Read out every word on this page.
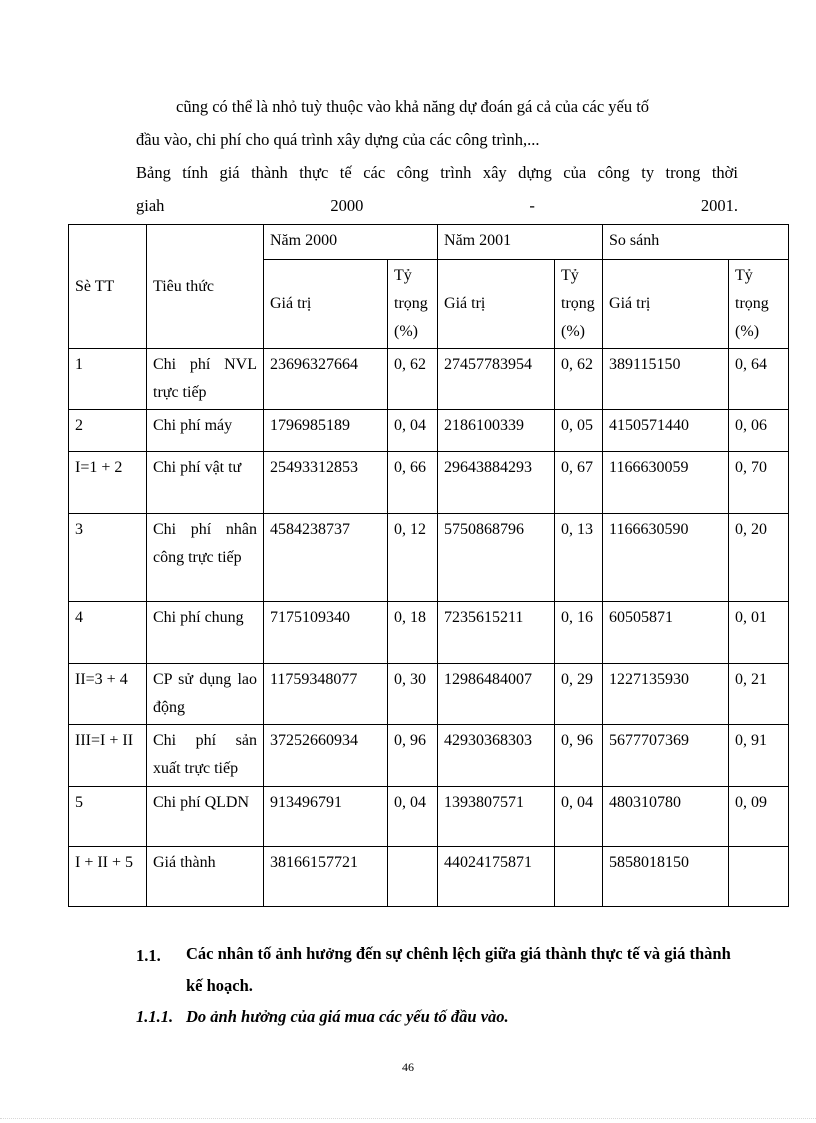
cũng có thể là nhỏ tuỳ thuộc vào khả năng dự đoán gá cả của các yếu tố
đầu vào, chi phí cho quá trình xây dựng của các công trình,...
Bảng tính giá thành thực tế các công trình xây dựng của công ty trong thời
giah	2000	-	2001.
Sè TT	Tiêu thức	Năm 2000		Năm 2001		So sánh	
		Giá trị	Tỷ trọng (%)	Giá trị	Tỷ trọng (%)	Giá trị	Tỷ trọng (%)
1	Chi phí NVL trực tiếp	23696327664	0, 62	27457783954	0, 62	389115150	0, 64
2	Chi phí máy	1796985189	0, 04	2186100339	0, 05	4150571440	0, 06
I=1 + 2	Chi phí vật tư	25493312853	0, 66	29643884293	0, 67	1166630059	0, 70
3	Chi phí nhân công trực tiếp	4584238737	0, 12	5750868796	0, 13	1166630590	0, 20
4	Chi phí chung	7175109340	0, 18	7235615211	0, 16	60505871	0, 01
II=3 + 4	CP sử dụng lao động	11759348077	0, 30	12986484007	0, 29	1227135930	0, 21
III=I + II	Chi phí sản xuất trực tiếp	37252660934	0, 96	42930368303	0, 96	5677707369	0, 91
5	Chi phí QLDN	913496791	0, 04	1393807571	0, 04	480310780	0, 09
I + II + 5	Giá thành	38166157721		44024175871		5858018150	
1.1.	Các nhân tố ảnh hưởng đến sự chênh lệch giữa giá thành thực tế và giá thành kế hoạch.
1.1.1. Do ảnh hưởng của giá mua các yếu tố đầu vào.
46
